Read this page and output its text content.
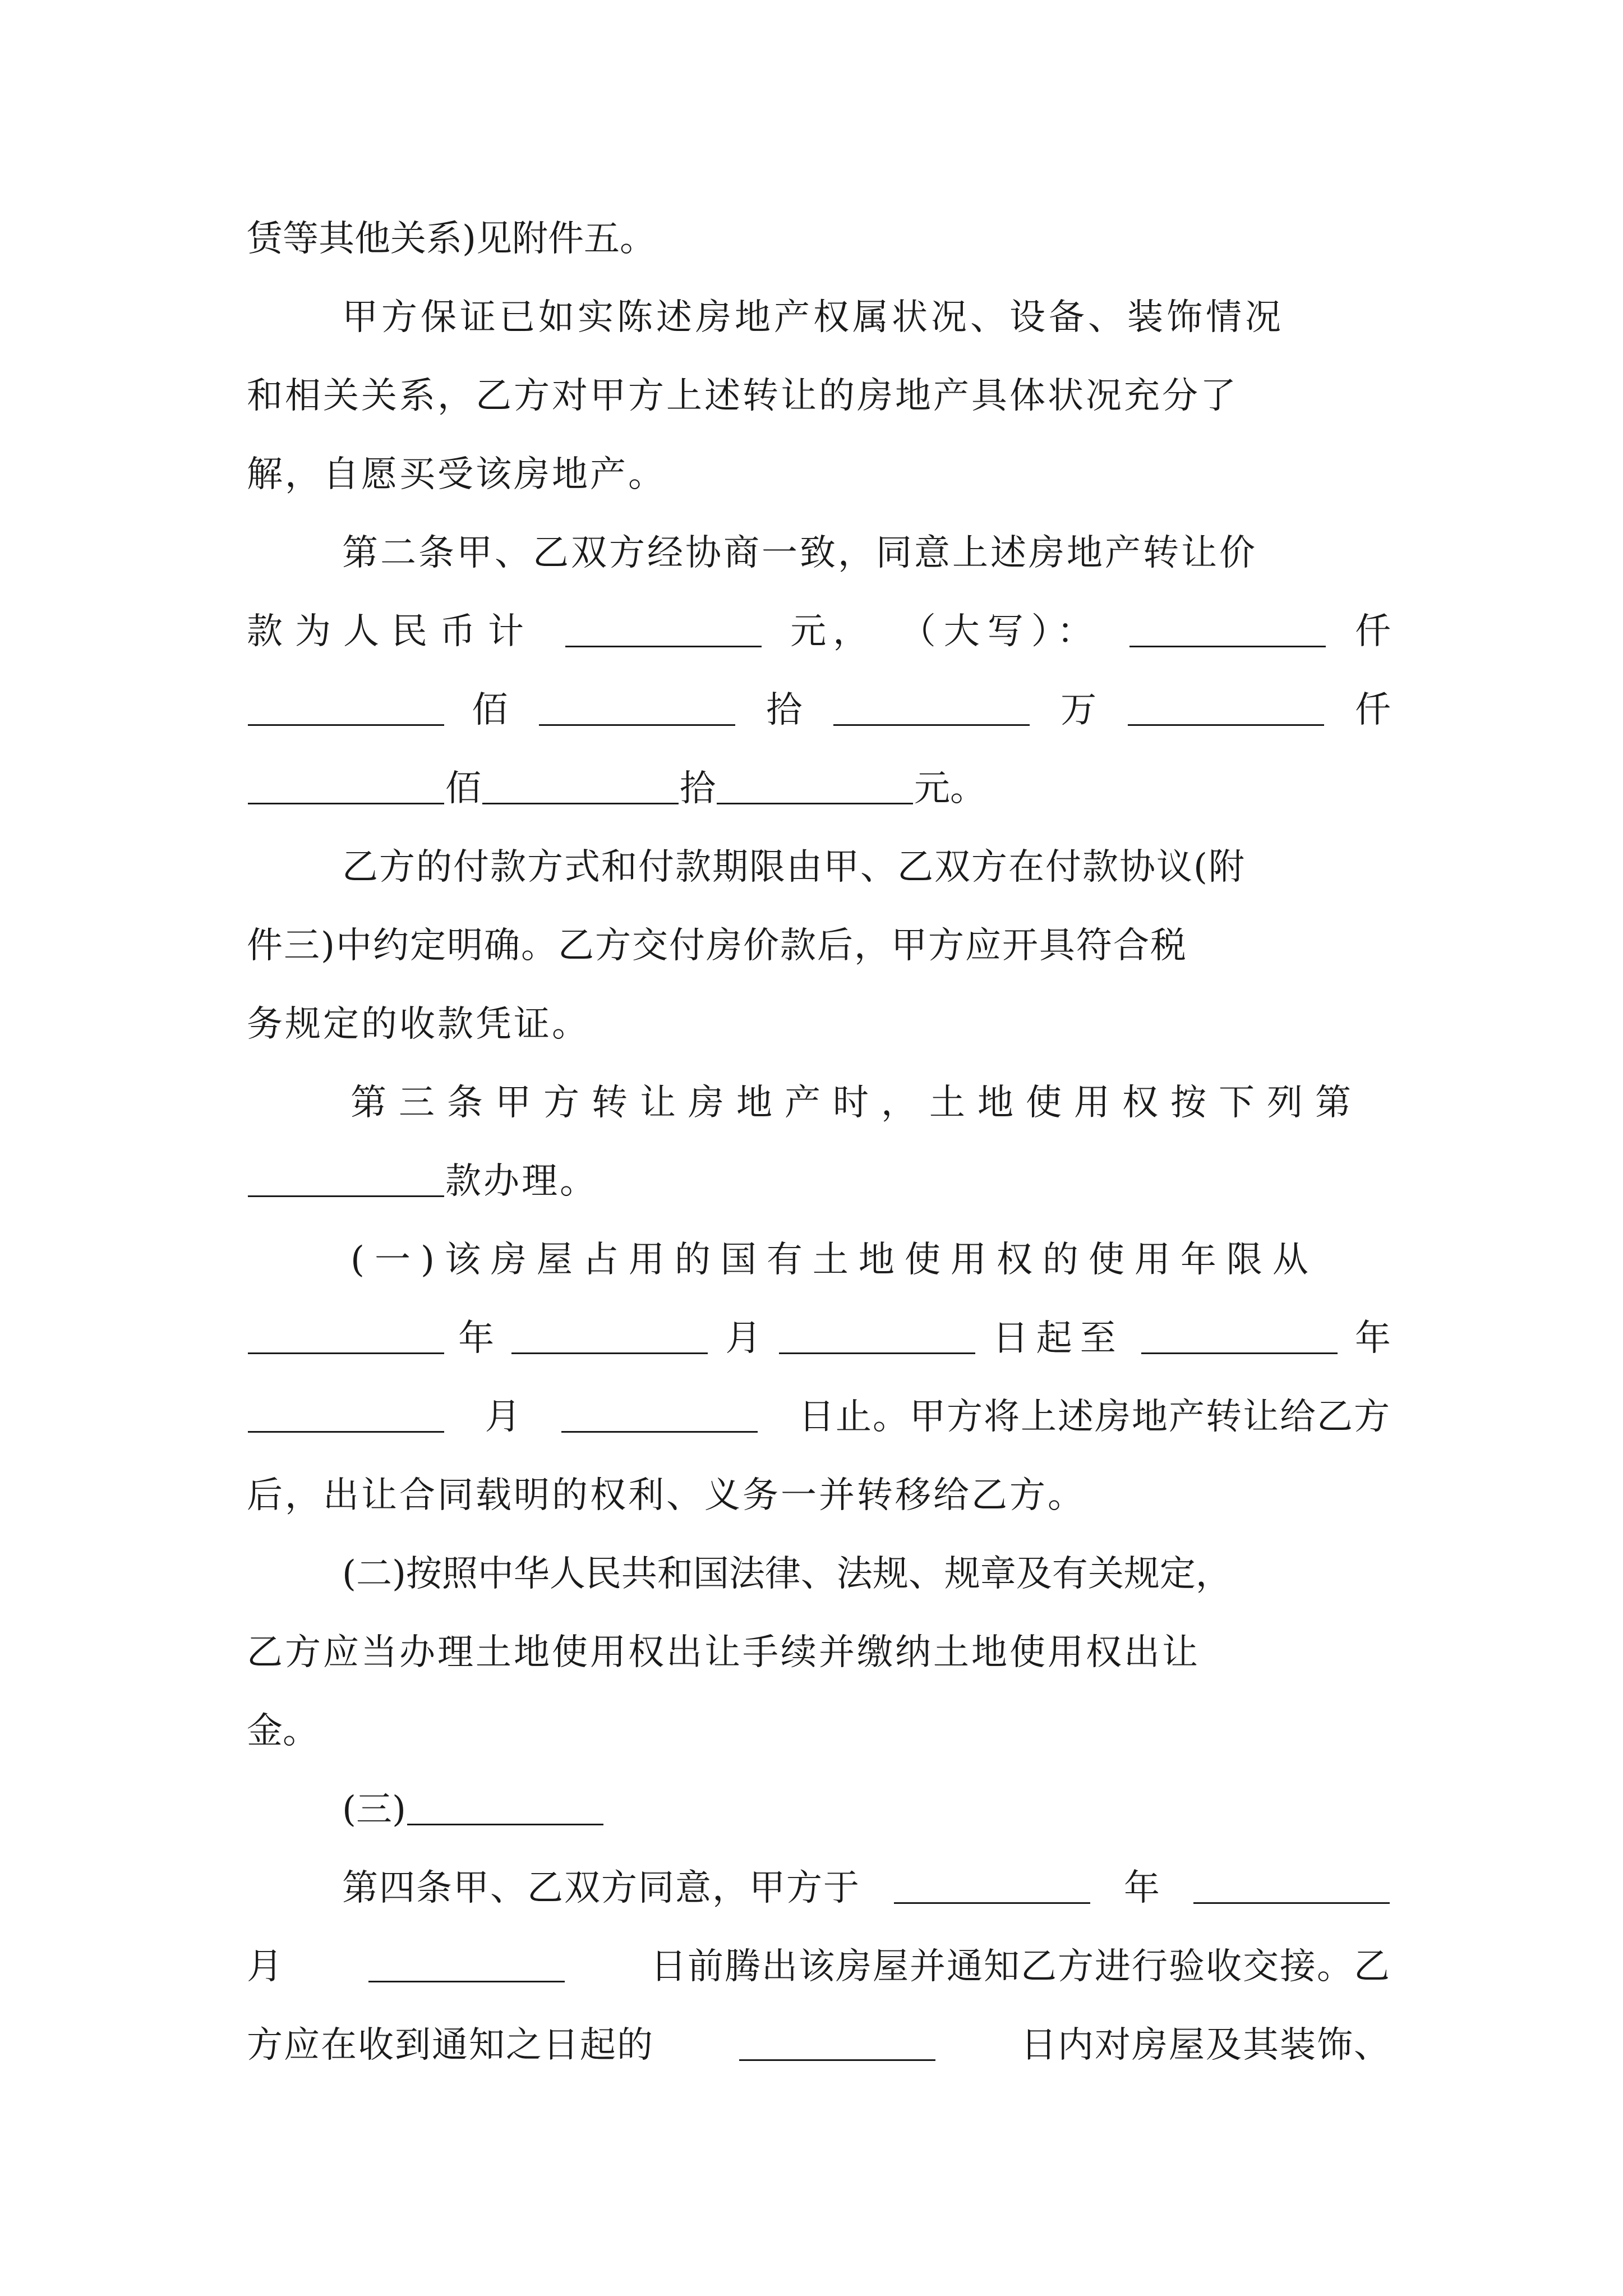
赁等其他关系)见附件五。
甲方保证已如实陈述房地产权属状况、设备、装饰情况
和相关关系，乙方对甲方上述转让的房地产具体状况充分了
解，自愿买受该房地产。
第二条甲、乙双方经协商一致，同意上述房地产转让价
款为人民币计	元， （大写）：	仟
佰	拾	万	仟
佰	拾	元。
乙方的付款方式和付款期限由甲、乙双方在付款协议(附
件三)中约定明确。乙方交付房价款后，甲方应开具符合税
务规定的收款凭证。
第三条甲方转让房地产时，土地使用权按下列第
款办理。
(一)该房屋占用的国有土地使用权的使用年限从
年	月	日起至	年
月	日止。甲方将上述房地产转让给乙方
后，出让合同载明的权利、义务一并转移给乙方。
(二)按照中华人民共和国法律、法规、规章及有关规定，
乙方应当办理土地使用权出让手续并缴纳土地使用权出让
金。
(三)
第四条甲、乙双方同意，甲方于	年
月	日前腾出该房屋并通知乙方进行验收交接。乙
方应在收到通知之日起的	日内对房屋及其装饰、
